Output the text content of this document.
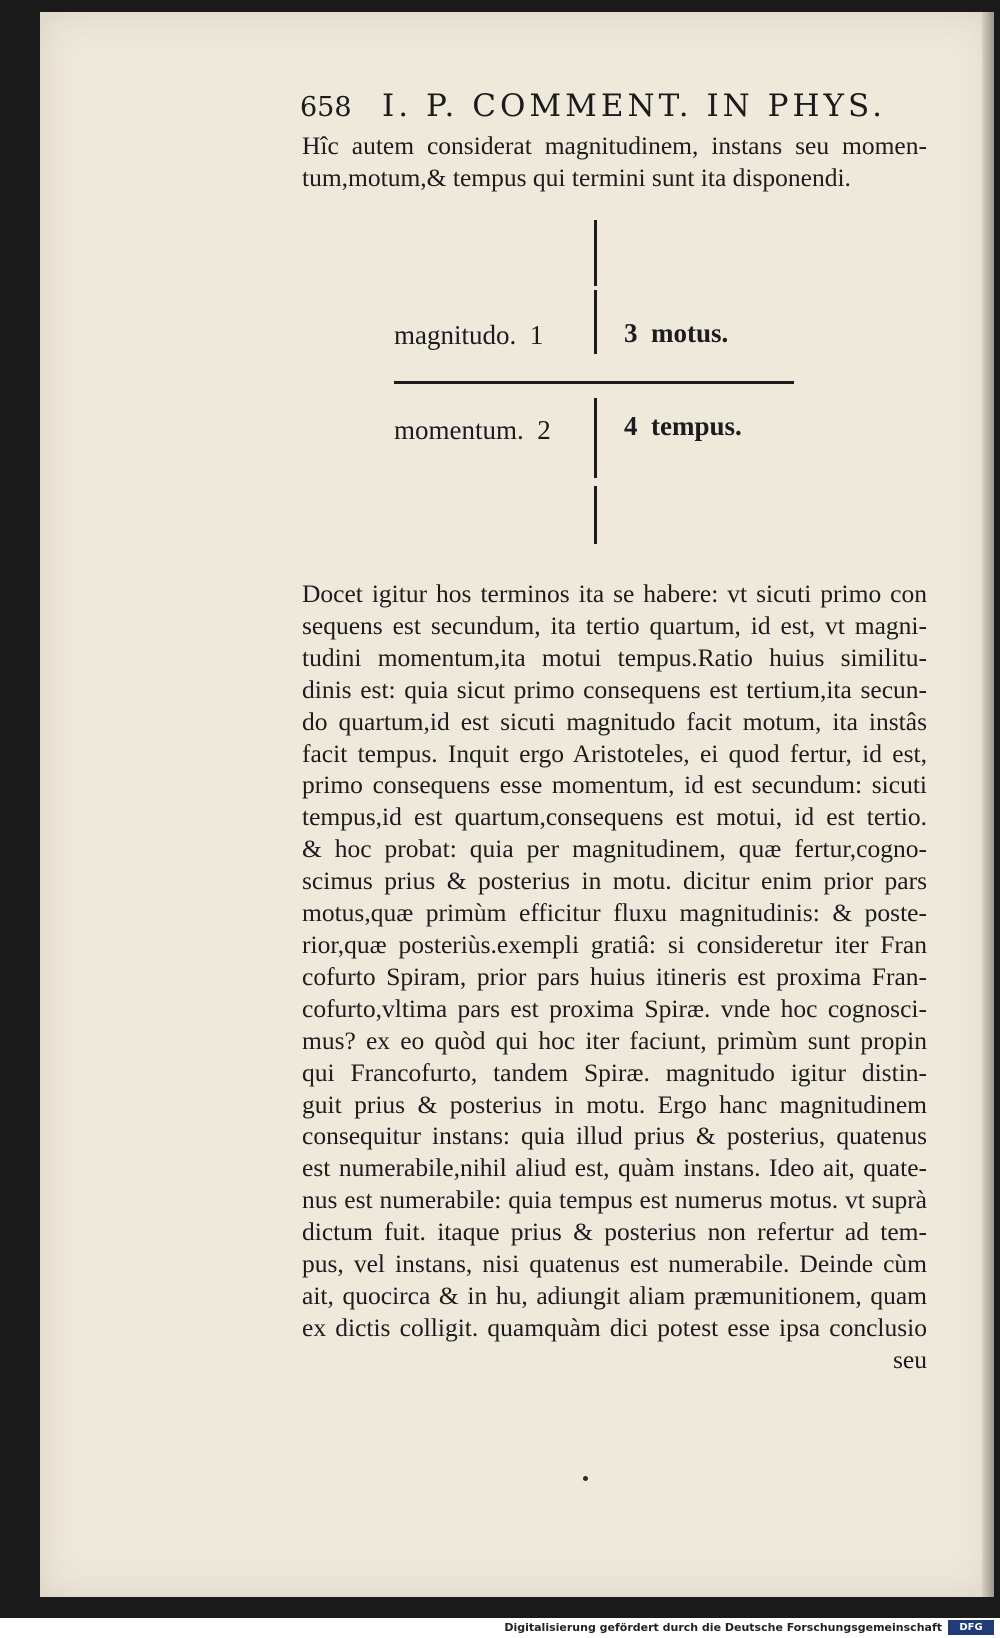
658 I. P. COMMENT. IN PHYS.
Hîc autem considerat magnitudinem, instans seu momen-
tum,motum,& tempus qui termini sunt ita disponendi.
magnitudo.  1	3  motus.
momentum.  2	4  tempus.
Docet igitur hos terminos ita se habere: vt sicuti primo con
sequens est secundum, ita tertio quartum, id est, vt magni-
tudini momentum,ita motui tempus.Ratio huius similitu-
dinis est: quia sicut primo consequens est tertium,ita secun-
do quartum,id est sicuti magnitudo facit motum, ita instâs
facit tempus. Inquit ergo Aristoteles, ei quod fertur, id est,
primo consequens esse momentum, id est secundum: sicuti
tempus,id est quartum,consequens est motui, id est tertio.
& hoc probat: quia per magnitudinem, quæ fertur,cogno-
scimus prius & posterius in motu. dicitur enim prior pars
motus,quæ primùm efficitur fluxu magnitudinis: & poste-
rior,quæ posteriùs.exempli gratiâ: si consideretur iter Fran
cofurto Spiram, prior pars huius itineris est proxima Fran-
cofurto,vltima pars est proxima Spiræ. vnde hoc cognosci-
mus? ex eo quòd qui hoc iter faciunt, primùm sunt propin
qui Francofurto, tandem Spiræ. magnitudo igitur distin-
guit prius & posterius in motu. Ergo hanc magnitudinem
consequitur instans: quia illud prius & posterius, quatenus
est numerabile,nihil aliud est, quàm instans. Ideo ait, quate-
nus est numerabile: quia tempus est numerus motus. vt suprà
dictum fuit. itaque prius & posterius non refertur ad tem-
pus, vel instans, nisi quatenus est numerabile. Deinde cùm
ait, quocirca & in hu, adiungit aliam præmunitionem, quam
ex dictis colligit. quamquàm dici potest esse ipsa conclusio
seu
Digitalisierung gefördert durch die Deutsche Forschungsgemeinschaft	DFG
